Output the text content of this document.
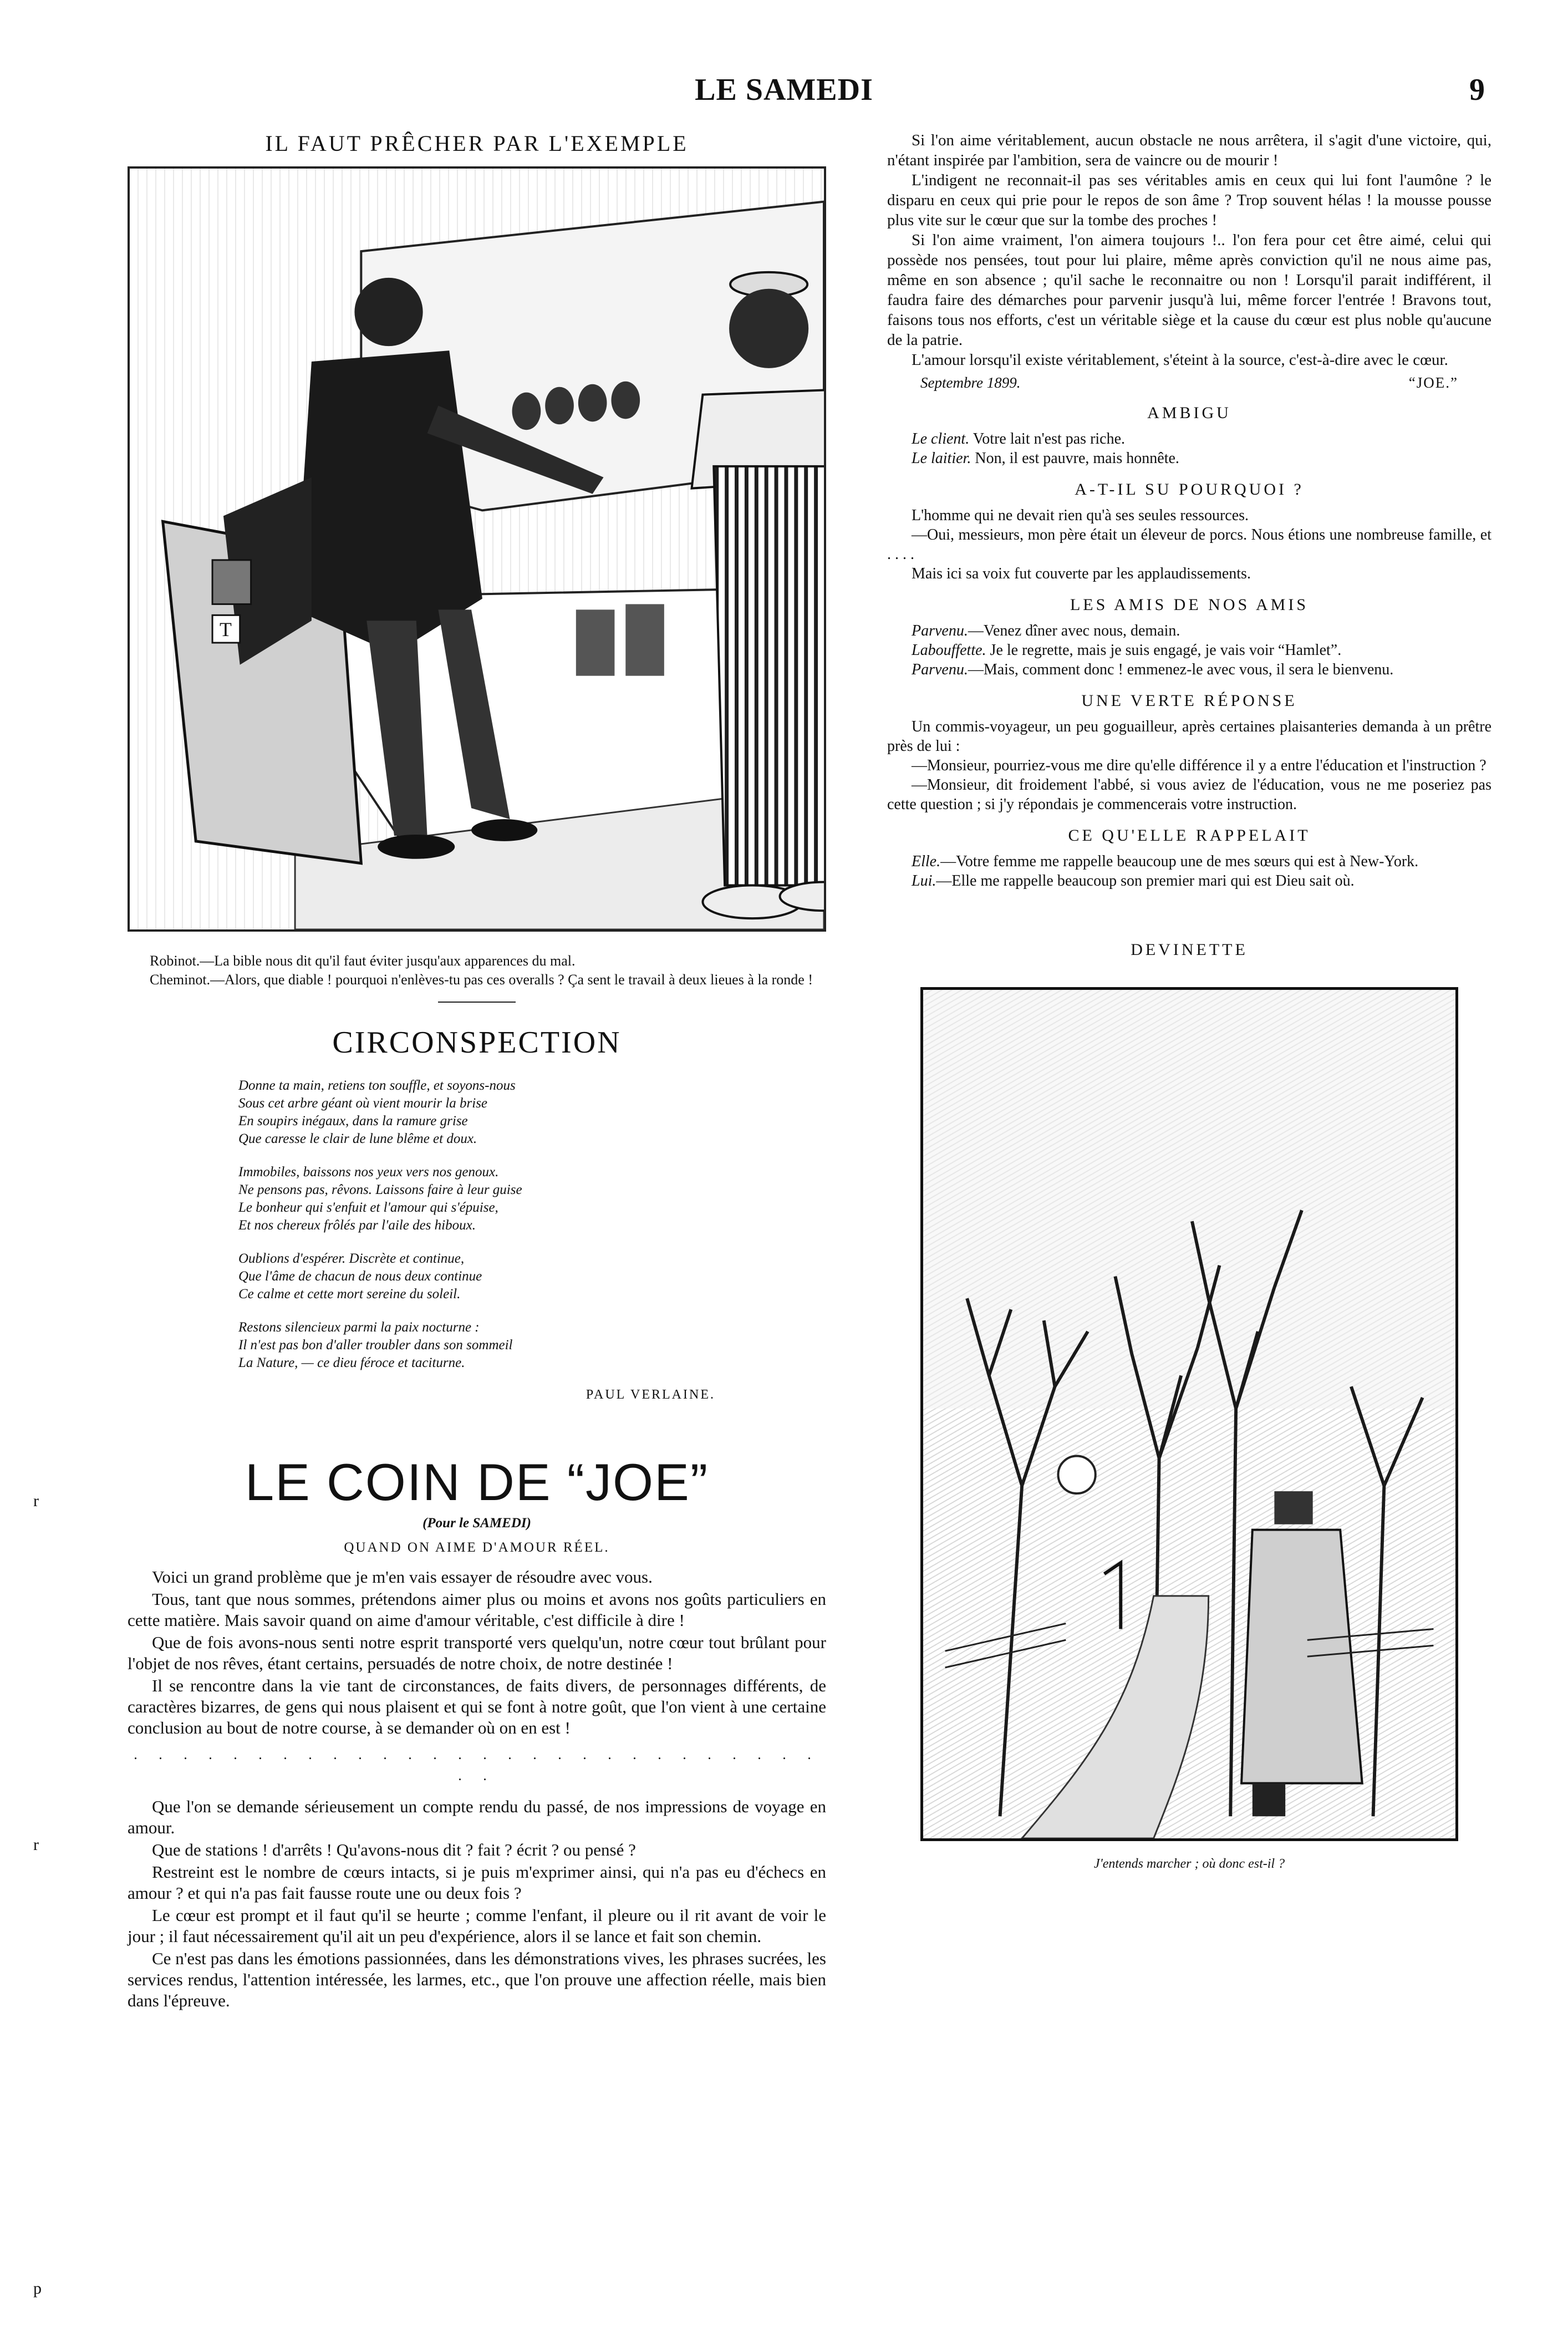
LE SAMEDI	9
r
r
p
IL FAUT PRÊCHER PAR L'EXEMPLE
T

Robinot.—La bible nous dit qu'il faut éviter jusqu'aux apparences du mal.

Cheminot.—Alors, que diable ! pourquoi n'enlèves-tu pas ces overalls ? Ça sent le travail à deux lieues à la ronde !

CIRCONSPECTION
Donne ta main, retiens ton souffle, et soyons-nous
Sous cet arbre géant où vient mourir la brise
En soupirs inégaux, dans la ramure grise
Que caresse le clair de lune blême et doux.
Immobiles, baissons nos yeux vers nos genoux.
Ne pensons pas, rêvons. Laissons faire à leur guise
Le bonheur qui s'enfuit et l'amour qui s'épuise,
Et nos chereux frôlés par l'aile des hiboux.
Oublions d'espérer. Discrète et continue,
Que l'âme de chacun de nous deux continue
Ce calme et cette mort sereine du soleil.
Restons silencieux parmi la paix nocturne :
Il n'est pas bon d'aller troubler dans son sommeil
La Nature, — ce dieu féroce et taciturne.
PAUL VERLAINE.
LE COIN DE “JOE”
(Pour le SAMEDI)
QUAND ON AIME D'AMOUR RÉEL.

Voici un grand problème que je m'en vais essayer de résoudre avec vous.

Tous, tant que nous sommes, prétendons aimer plus ou moins et avons nos goûts particuliers en cette matière. Mais savoir quand on aime d'amour véritable, c'est difficile à dire !

Que de fois avons-nous senti notre esprit transporté vers quelqu'un, notre cœur tout brûlant pour l'objet de nos rêves, étant certains, persuadés de notre choix, de notre destinée !

Il se rencontre dans la vie tant de circonstances, de faits divers, de personnages différents, de caractères bizarres, de gens qui nous plaisent et qui se font à notre goût, que l'on vient à une certaine conclusion au bout de notre course, à se demander où on en est !

. . . . . . . . . . . . . . . . . . . . . . . . . . . . . .

Que l'on se demande sérieusement un compte rendu du passé, de nos impressions de voyage en amour.

Que de stations ! d'arrêts ! Qu'avons-nous dit ? fait ? écrit ? ou pensé ?

Restreint est le nombre de cœurs intacts, si je puis m'exprimer ainsi, qui n'a pas eu d'échecs en amour ? et qui n'a pas fait fausse route une ou deux fois ?

Le cœur est prompt et il faut qu'il se heurte ; comme l'enfant, il pleure ou il rit avant de voir le jour ; il faut nécessairement qu'il ait un peu d'expérience, alors il se lance et fait son chemin.

Ce n'est pas dans les émotions passionnées, dans les démonstrations vives, les phrases sucrées, les services rendus, l'attention intéressée, les larmes, etc., que l'on prouve une affection réelle, mais bien dans l'épreuve.

Si l'on aime véritablement, aucun obstacle ne nous arrêtera, il s'agit d'une victoire, qui, n'étant inspirée par l'ambition, sera de vaincre ou de mourir !

L'indigent ne reconnait-il pas ses véritables amis en ceux qui lui font l'aumône ? le disparu en ceux qui prie pour le repos de son âme ? Trop souvent hélas ! la mousse pousse plus vite sur le cœur que sur la tombe des proches !

Si l'on aime vraiment, l'on aimera toujours !.. l'on fera pour cet être aimé, celui qui possède nos pensées, tout pour lui plaire, même après conviction qu'il ne nous aime pas, même en son absence ; qu'il sache le reconnaitre ou non ! Lorsqu'il parait indifférent, il faudra faire des démarches pour parvenir jusqu'à lui, même forcer l'entrée ! Bravons tout, faisons tous nos efforts, c'est un véritable siège et la cause du cœur est plus noble qu'aucune de la patrie.

L'amour lorsqu'il existe véritablement, s'éteint à la source, c'est-à-dire avec le cœur.

Septembre 1899.	“JOE.”
AMBIGU

Le client. Votre lait n'est pas riche.

Le laitier. Non, il est pauvre, mais honnête.

A-T-IL SU POURQUOI ?

L'homme qui ne devait rien qu'à ses seules ressources.

—Oui, messieurs, mon père était un éleveur de porcs. Nous étions une nombreuse famille, et . . . .

Mais ici sa voix fut couverte par les applaudissements.

LES AMIS DE NOS AMIS

Parvenu.—Venez dîner avec nous, demain.

Labouffette. Je le regrette, mais je suis engagé, je vais voir “Hamlet”.

Parvenu.—Mais, comment donc ! emmenez-le avec vous, il sera le bienvenu.

UNE VERTE RÉPONSE

Un commis-voyageur, un peu goguailleur, après certaines plaisanteries demanda à un prêtre près de lui :

—Monsieur, pourriez-vous me dire qu'elle différence il y a entre l'éducation et l'instruction ?

—Monsieur, dit froidement l'abbé, si vous aviez de l'éducation, vous ne me poseriez pas cette question ; si j'y répondais je commencerais votre instruction.

CE QU'ELLE RAPPELAIT

Elle.—Votre femme me rappelle beaucoup une de mes sœurs qui est à New-York.

Lui.—Elle me rappelle beaucoup son premier mari qui est Dieu sait où.

DEVINETTE
J'entends marcher ; où donc est-il ?
